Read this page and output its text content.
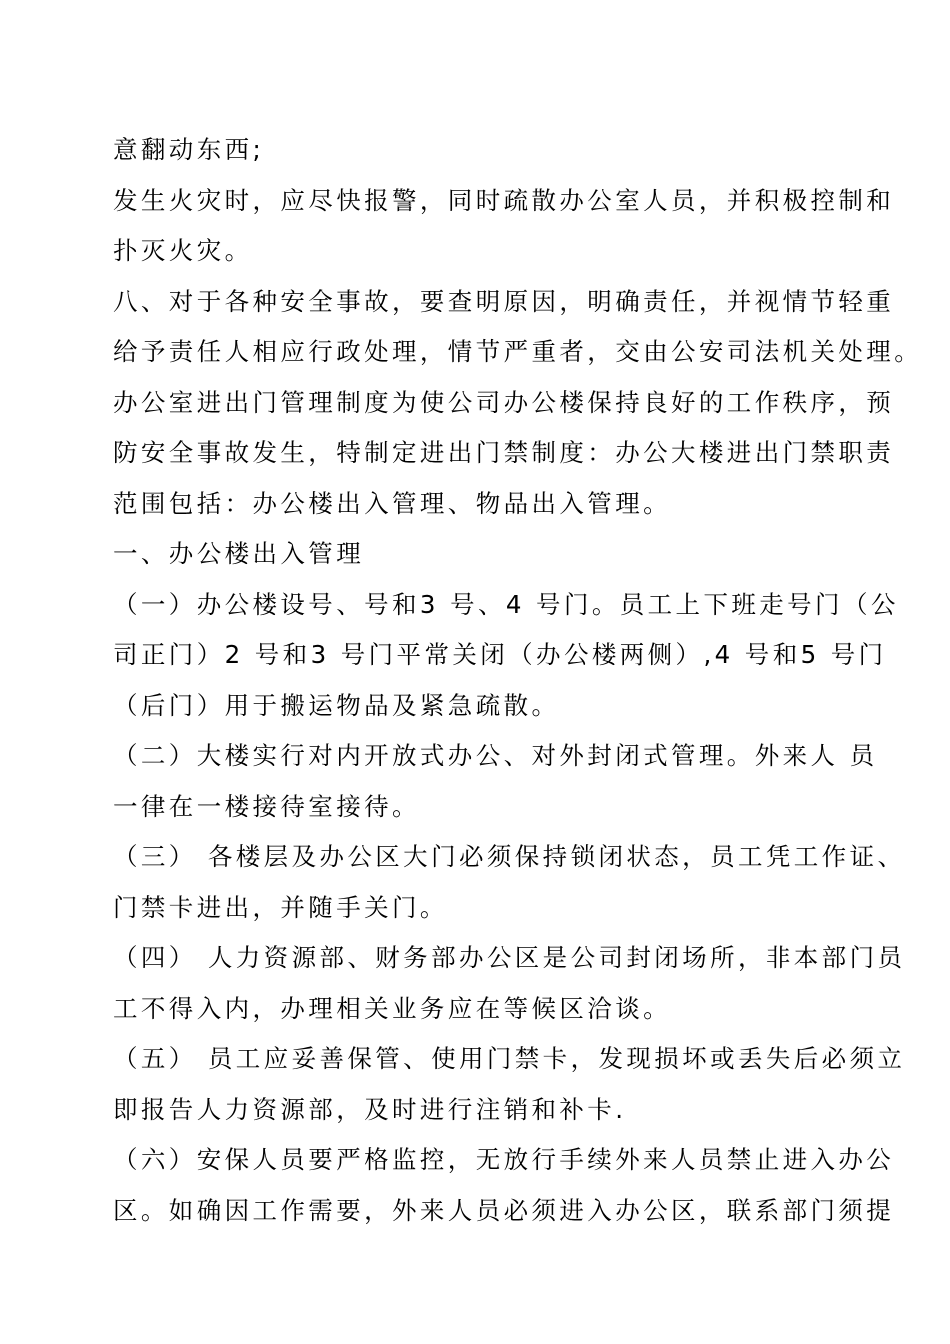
意翻动东西;
发生火灾时，应尽快报警，同时疏散办公室人员，并积极控制和
扑灭火灾。
八、对于各种安全事故，要查明原因，明确责任，并视情节轻重
给予责任人相应行政处理，情节严重者，交由公安司法机关处理。
办公室进出门管理制度为使公司办公楼保持良好的工作秩序，预
防安全事故发生，特制定进出门禁制度：办公大楼进出门禁职责
范围包括：办公楼出入管理、物品出入管理。
一、办公楼出入管理
（一）办公楼设号、号和3 号、4 号门。员工上下班走号门（公
司正门）2 号和3 号门平常关闭（办公楼两侧）,4 号和5 号门
（后门）用于搬运物品及紧急疏散。
（二）大楼实行对内开放式办公、对外封闭式管理。外来人 员
一律在一楼接待室接待。
（三） 各楼层及办公区大门必须保持锁闭状态，员工凭工作证、
门禁卡进出，并随手关门。
（四） 人力资源部、财务部办公区是公司封闭场所，非本部门员
工不得入内，办理相关业务应在等候区洽谈。
（五） 员工应妥善保管、使用门禁卡，发现损坏或丢失后必须立
即报告人力资源部，及时进行注销和补卡.
（六）安保人员要严格监控，无放行手续外来人员禁止进入办公
区。如确因工作需要，外来人员必须进入办公区，联系部门须提
